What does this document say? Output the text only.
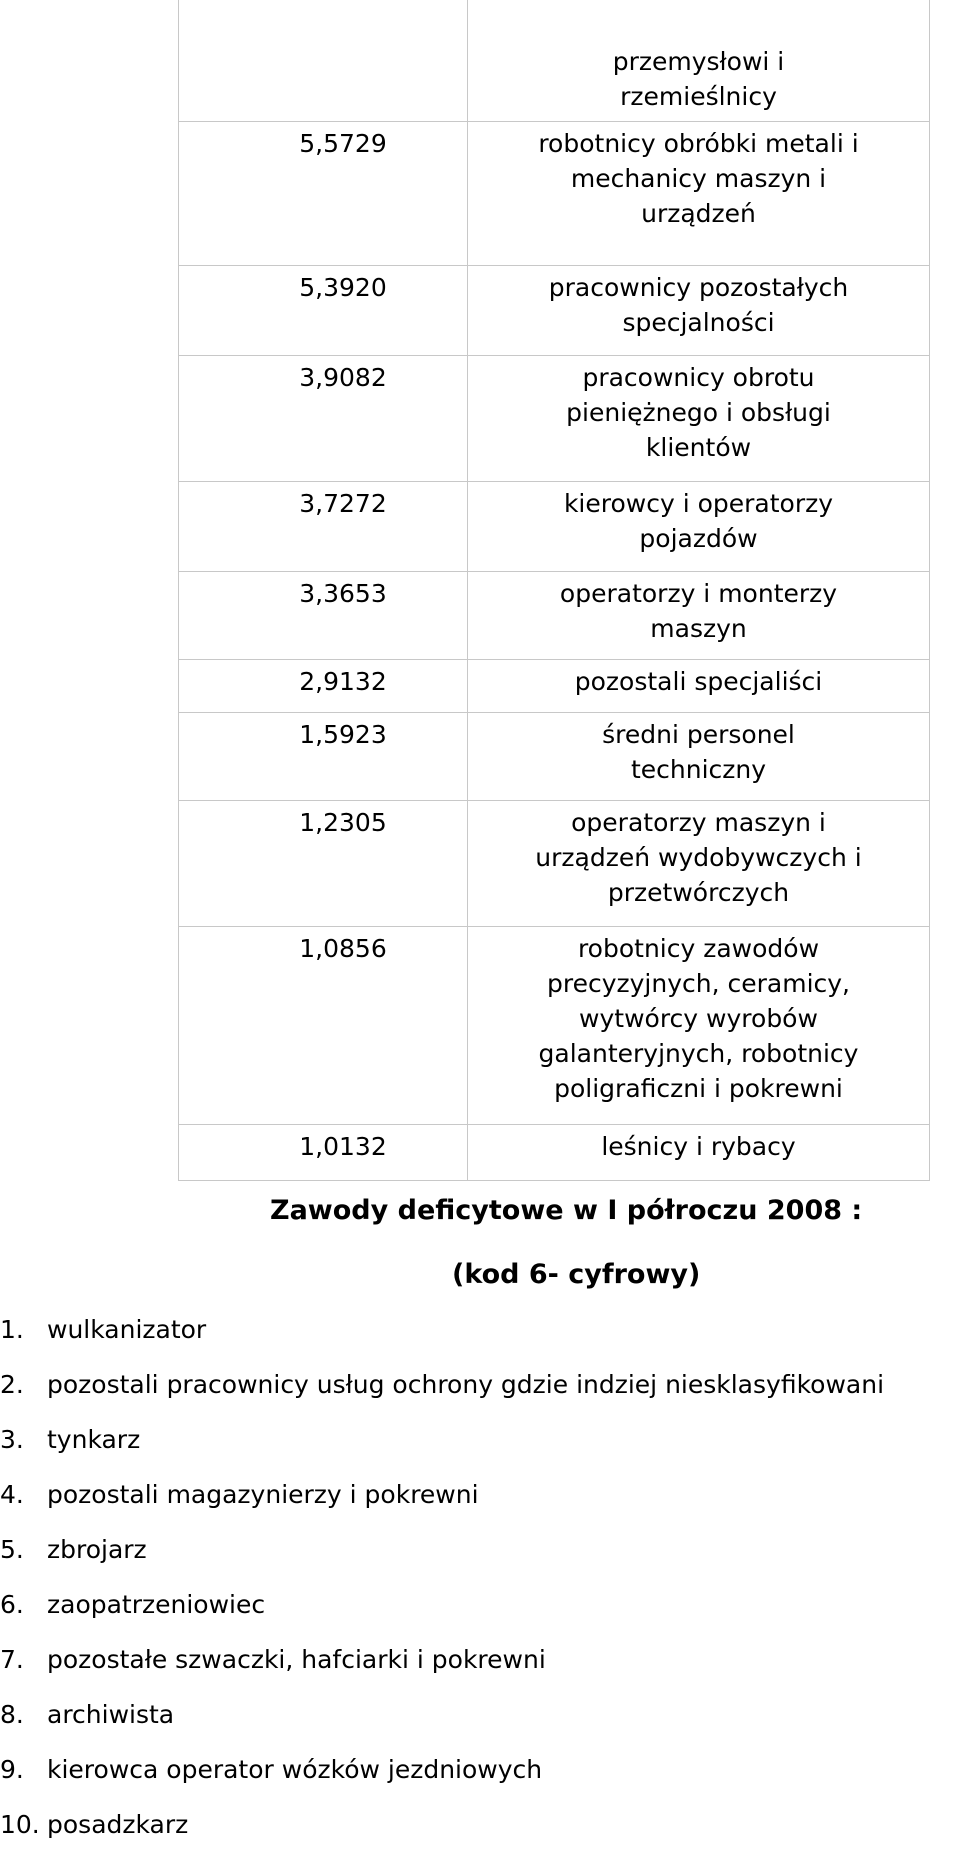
	przemysłowi i
rzemieślnicy
5,5729	robotnicy obróbki metali i
mechanicy maszyn i
urządzeń
5,3920	pracownicy pozostałych
specjalności
3,9082	pracownicy obrotu
pieniężnego i obsługi
klientów
3,7272	kierowcy i operatorzy
pojazdów
3,3653	operatorzy i monterzy
maszyn
2,9132	pozostali specjaliści
1,5923	średni personel
techniczny
1,2305	operatorzy maszyn i
urządzeń wydobywczych i
przetwórczych
1,0856	robotnicy zawodów
precyzyjnych, ceramicy,
wytwórcy wyrobów
galanteryjnych, robotnicy
poligraficzni i pokrewni
1,0132	leśnicy i rybacy
Zawody deficytowe w I półroczu 2008 :
(kod 6- cyfrowy)
1. wulkanizator
2. pozostali pracownicy usług ochrony gdzie indziej niesklasyfikowani
3. tynkarz
4. pozostali magazynierzy i pokrewni
5. zbrojarz
6. zaopatrzeniowiec
7. pozostałe szwaczki, hafciarki i pokrewni
8. archiwista
9. kierowca operator wózków jezdniowych
10. posadzkarz
